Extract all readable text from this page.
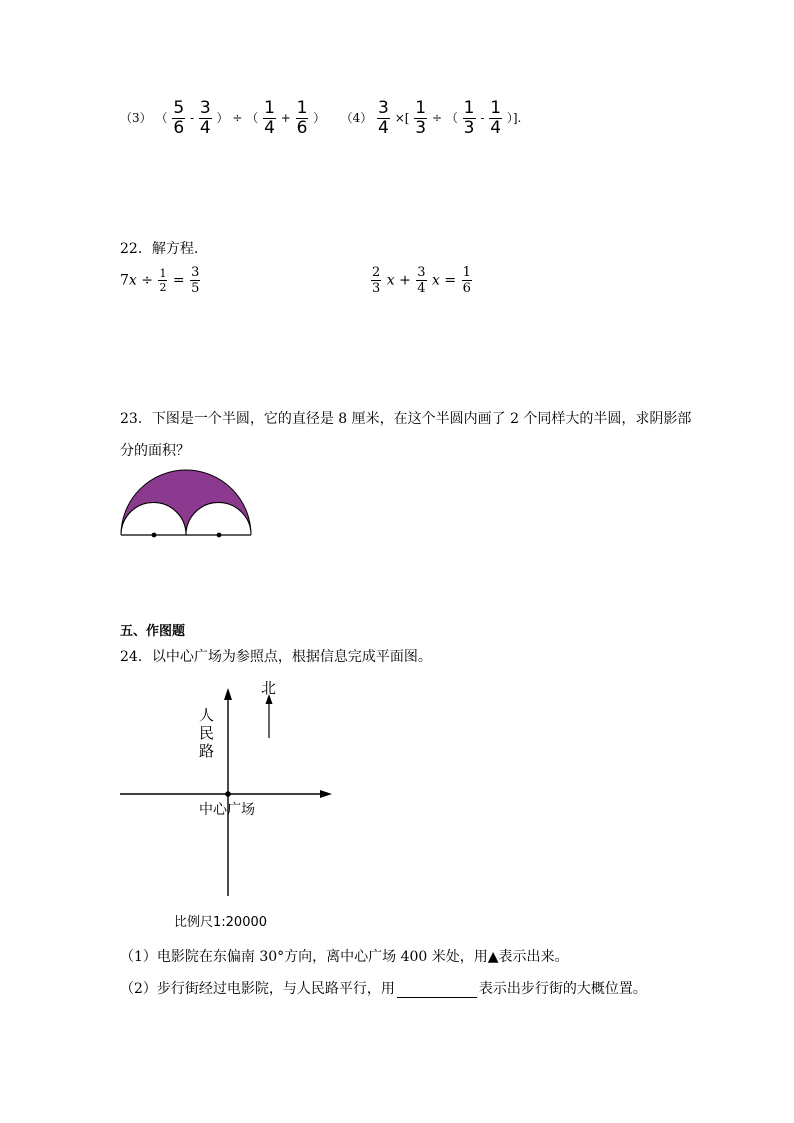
（3） （ $\frac{5}{6} - \frac{3}{4}$ ） ÷ （ $\frac{1}{4} + \frac{1}{6}$ ） $(4) \frac{3}{4}$ ×[ $\frac{1}{3}$ ÷ （ $\frac{1}{3} - \frac{1}{4}$ ）].
22．解方程.
$7x \div \frac{1}{2} = \frac{3}{5}$	$\frac{2}{3}$ $x + \frac{3}{4}$ $x = \frac{1}{6}$
23．下图是一个半圆，它的直径是 8 厘米，在这个半圆内画了 2 个同样大的半圆，求阴影部
分的面积？
五、作图题
24．以中心广场为参照点，根据信息完成平面图。
北
人民路
中心广场
比例尺1:20000
（1）电影院在东偏南 30°方向，离中心广场 400 米处，用▲表示出来。
（2）步行街经过电影院，与人民路平行，用	表示出步行街的大概位置。
